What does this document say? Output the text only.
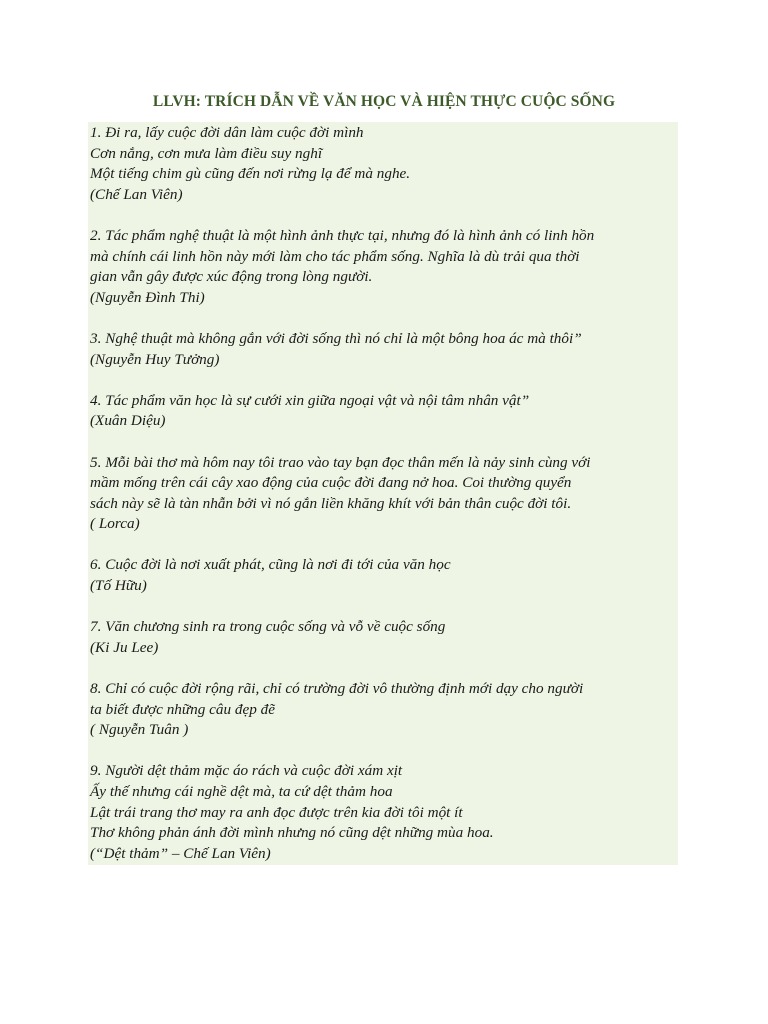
LLVH: TRÍCH DẪN VỀ VĂN HỌC VÀ HIỆN THỰC CUỘC SỐNG
1. Đi ra, lấy cuộc đời dân làm cuộc đời mình
Cơn nắng, cơn mưa làm điều suy nghĩ
Một tiếng chim gù cũng đến nơi rừng lạ để mà nghe.
(Chế Lan Viên)
2. Tác phẩm nghệ thuật là một hình ảnh thực tại, nhưng đó là hình ảnh có linh hồn
mà chính cái linh hồn này mới làm cho tác phẩm sống. Nghĩa là dù trải qua thời
gian vẫn gây được xúc động trong lòng người.
(Nguyễn Đình Thi)
3. Nghệ thuật mà không gắn với đời sống thì nó chỉ là một bông hoa ác mà thôi”
(Nguyễn Huy Tưởng)
4. Tác phẩm văn học là sự cưới xin giữa ngoại vật và nội tâm nhân vật”
(Xuân Diệu)
5. Mỗi bài thơ mà hôm nay tôi trao vào tay bạn đọc thân mến là nảy sinh cùng với
mầm mống trên cái cây xao động của cuộc đời đang nở hoa. Coi thường quyển
sách này sẽ là tàn nhẫn bởi vì nó gắn liền khăng khít với bản thân cuộc đời tôi.
( Lorca)
6. Cuộc đời là nơi xuất phát, cũng là nơi đi tới của văn học
(Tố Hữu)
7. Văn chương sinh ra trong cuộc sống và vỗ về cuộc sống
(Ki Ju Lee)
8. Chỉ có cuộc đời rộng rãi, chỉ có trường đời vô thường định mới dạy cho người
ta biết được những câu đẹp đẽ
( Nguyễn Tuân )
9. Người dệt thảm mặc áo rách và cuộc đời xám xịt
Ấy thế nhưng cái nghề dệt mà, ta cứ dệt thảm hoa
Lật trái trang thơ may ra anh đọc được trên kia đời tôi một ít
Thơ không phản ánh đời mình nhưng nó cũng dệt những mùa hoa.
(“Dệt thảm” – Chế Lan Viên)
